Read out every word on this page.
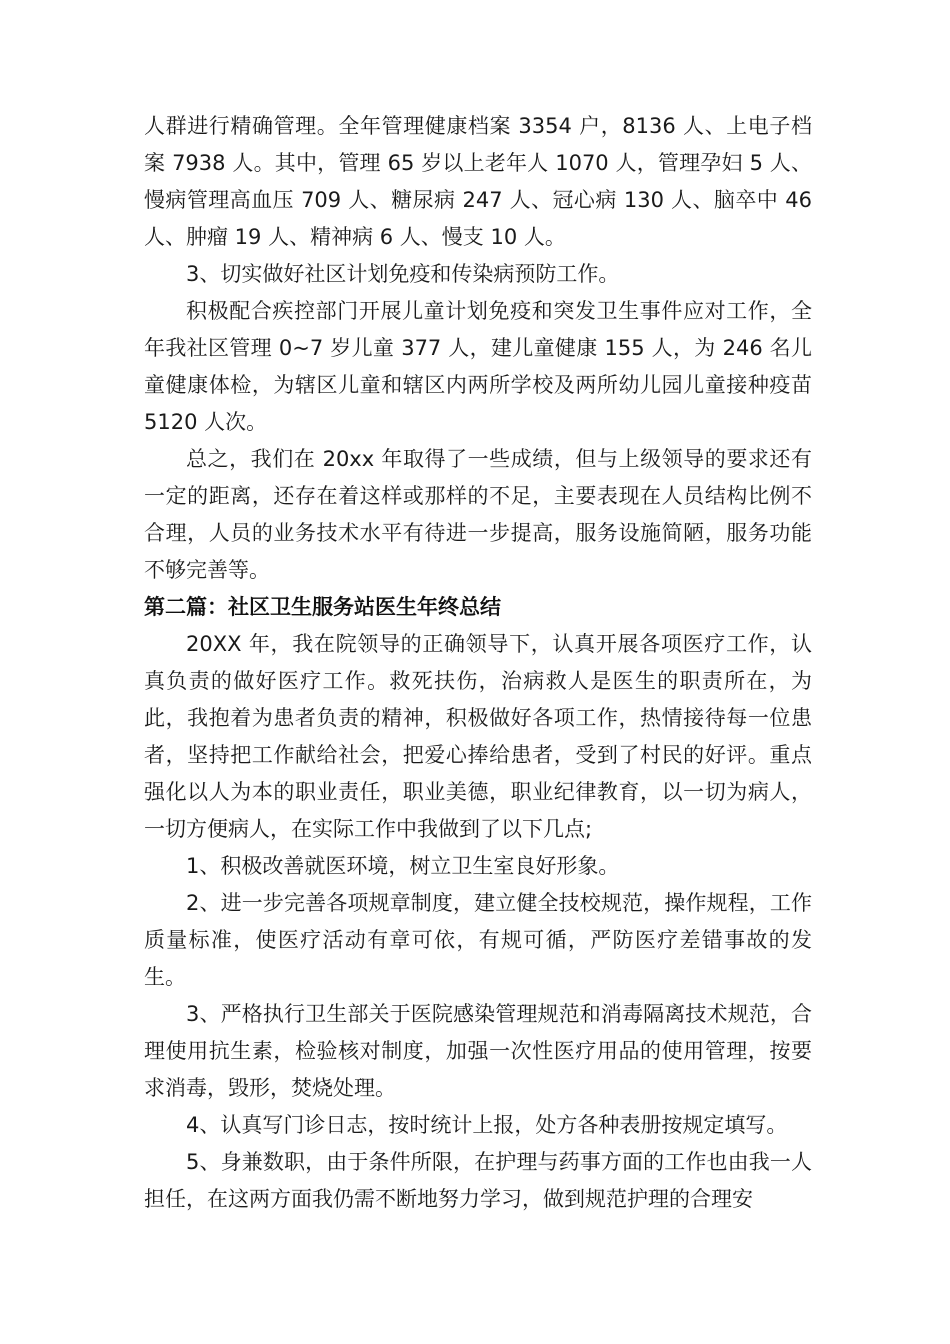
人群进行精确管理。全年管理健康档案 3354 户，8136 人、上电子档案 7938 人。其中，管理 65 岁以上老年人 1070 人，管理孕妇 5 人、慢病管理高血压 709 人、糖尿病 247 人、冠心病 130 人、脑卒中 46 人、肿瘤 19 人、精神病 6 人、慢支 10 人。

3、切实做好社区计划免疫和传染病预防工作。

积极配合疾控部门开展儿童计划免疫和突发卫生事件应对工作，全年我社区管理 0~7 岁儿童 377 人，建儿童健康 155 人，为 246 名儿童健康体检，为辖区儿童和辖区内两所学校及两所幼儿园儿童接种疫苗 5120 人次。

总之，我们在 20xx 年取得了一些成绩，但与上级领导的要求还有一定的距离，还存在着这样或那样的不足，主要表现在人员结构比例不合理，人员的业务技术水平有待进一步提高，服务设施简陋，服务功能不够完善等。

第二篇：社区卫生服务站医生年终总结

20XX 年，我在院领导的正确领导下，认真开展各项医疗工作，认真负责的做好医疗工作。救死扶伤，治病救人是医生的职责所在，为此，我抱着为患者负责的精神，积极做好各项工作，热情接待每一位患者，坚持把工作献给社会，把爱心捧给患者，受到了村民的好评。重点强化以人为本的职业责任，职业美德，职业纪律教育，以一切为病人，一切方便病人，在实际工作中我做到了以下几点;

1、积极改善就医环境，树立卫生室良好形象。

2、进一步完善各项规章制度，建立健全技校规范，操作规程，工作质量标准，使医疗活动有章可依，有规可循，严防医疗差错事故的发生。

3、严格执行卫生部关于医院感染管理规范和消毒隔离技术规范，合理使用抗生素，检验核对制度，加强一次性医疗用品的使用管理，按要求消毒，毁形，焚烧处理。

4、认真写门诊日志，按时统计上报，处方各种表册按规定填写。

5、身兼数职，由于条件所限，在护理与药事方面的工作也由我一人担任，在这两方面我仍需不断地努力学习，做到规范护理的合理安
